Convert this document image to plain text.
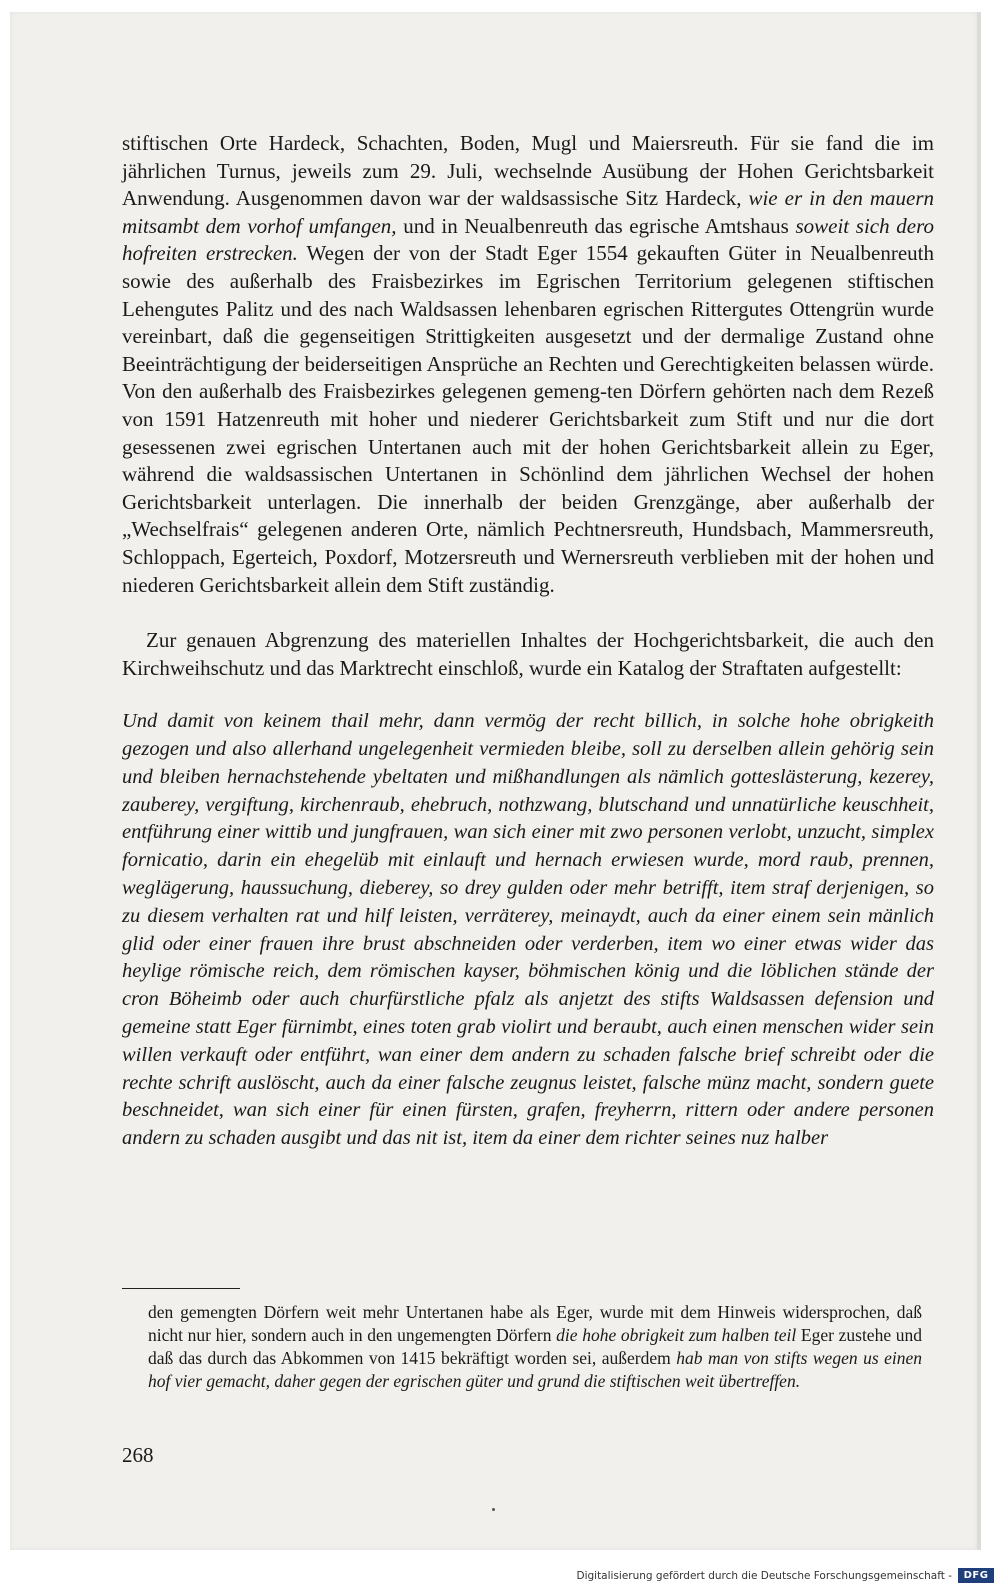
stiftischen Orte Hardeck, Schachten, Boden, Mugl und Maiersreuth. Für sie fand die im jährlichen Turnus, jeweils zum 29. Juli, wechselnde Ausübung der Hohen Gerichtsbarkeit Anwendung. Ausgenommen davon war der waldsassische Sitz Hardeck, wie er in den mauern mitsambt dem vorhof umfangen, und in Neualbenreuth das egrische Amtshaus soweit sich dero hofreiten erstrecken. Wegen der von der Stadt Eger 1554 gekauften Güter in Neualbenreuth sowie des außerhalb des Fraisbezirkes im Egrischen Territorium gelegenen stiftischen Lehengutes Palitz und des nach Waldsassen lehenbaren egrischen Rittergutes Ottengrün wurde vereinbart, daß die gegenseitigen Strittigkeiten ausgesetzt und der dermalige Zustand ohne Beeinträchtigung der beiderseitigen Ansprüche an Rechten und Gerechtigkeiten belassen würde. Von den außerhalb des Fraisbezirkes gelegenen gemeng-ten Dörfern gehörten nach dem Rezeß von 1591 Hatzenreuth mit hoher und niederer Gerichtsbarkeit zum Stift und nur die dort gesessenen zwei egrischen Untertanen auch mit der hohen Gerichtsbarkeit allein zu Eger, während die waldsassischen Untertanen in Schönlind dem jährlichen Wechsel der hohen Gerichtsbarkeit unterlagen. Die innerhalb der beiden Grenzgänge, aber außerhalb der „Wechselfrais“ gelegenen anderen Orte, nämlich Pechtnersreuth, Hundsbach, Mammersreuth, Schloppach, Egerteich, Poxdorf, Motzersreuth und Wernersreuth verblieben mit der hohen und niederen Gerichtsbarkeit allein dem Stift zuständig.

Zur genauen Abgrenzung des materiellen Inhaltes der Hochgerichtsbarkeit, die auch den Kirchweihschutz und das Marktrecht einschloß, wurde ein Katalog der Straftaten aufgestellt:

Und damit von keinem thail mehr, dann vermög der recht billich, in solche hohe obrigkeith gezogen und also allerhand ungelegenheit vermieden bleibe, soll zu derselben allein gehörig sein und bleiben hernachstehende ybeltaten und mißhandlungen als nämlich gotteslästerung, kezerey, zauberey, vergiftung, kirchenraub, ehebruch, nothzwang, blutschand und unnatürliche keuschheit, entführung einer wittib und jungfrauen, wan sich einer mit zwo personen verlobt, unzucht, simplex fornicatio, darin ein ehegelüb mit einlauft und hernach erwiesen wurde, mord raub, prennen, weglägerung, haussuchung, dieberey, so drey gulden oder mehr betrifft, item straf derjenigen, so zu diesem verhalten rat und hilf leisten, verräterey, meinaydt, auch da einer einem sein mänlich glid oder einer frauen ihre brust abschneiden oder verderben, item wo einer etwas wider das heylige römische reich, dem römischen kayser, böhmischen könig und die löblichen stände der cron Böheimb oder auch churfürstliche pfalz als anjetzt des stifts Waldsassen defension und gemeine statt Eger fürnimbt, eines toten grab violirt und beraubt, auch einen menschen wider sein willen verkauft oder entführt, wan einer dem andern zu schaden falsche brief schreibt oder die rechte schrift auslöscht, auch da einer falsche zeugnus leistet, falsche münz macht, sondern guete beschneidet, wan sich einer für einen fürsten, grafen, freyherrn, rittern oder andere personen andern zu schaden ausgibt und das nit ist, item da einer dem richter seines nuz halber

den gemengten Dörfern weit mehr Untertanen habe als Eger, wurde mit dem Hinweis widersprochen, daß nicht nur hier, sondern auch in den ungemengten Dörfern die hohe obrigkeit zum halben teil Eger zustehe und daß das durch das Abkommen von 1415 bekräftigt worden sei, außerdem hab man von stifts wegen us einen hof vier gemacht, daher gegen der egrischen güter und grund die stiftischen weit übertreffen.

268
Digitalisierung gefördert durch die Deutsche Forschungsgemeinschaft -	DFG
